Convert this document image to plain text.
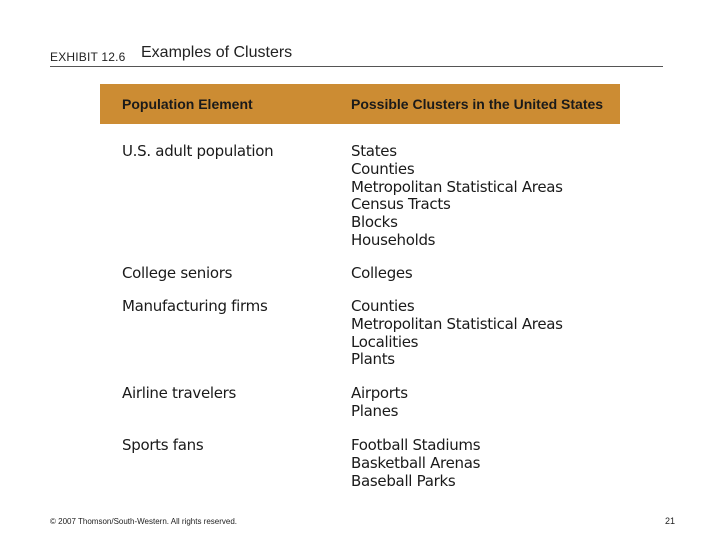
EXHIBIT 12.6 Examples of Clusters
Population Element	Possible Clusters in the United States
U.S. adult population	States
Counties
Metropolitan Statistical Areas
Census Tracts
Blocks
Households
College seniors	Colleges
Manufacturing firms	Counties
Metropolitan Statistical Areas
Localities
Plants
Airline travelers	Airports
Planes
Sports fans	Football Stadiums
Basketball Arenas
Baseball Parks
© 2007 Thomson/South-Western. All rights reserved.	21
